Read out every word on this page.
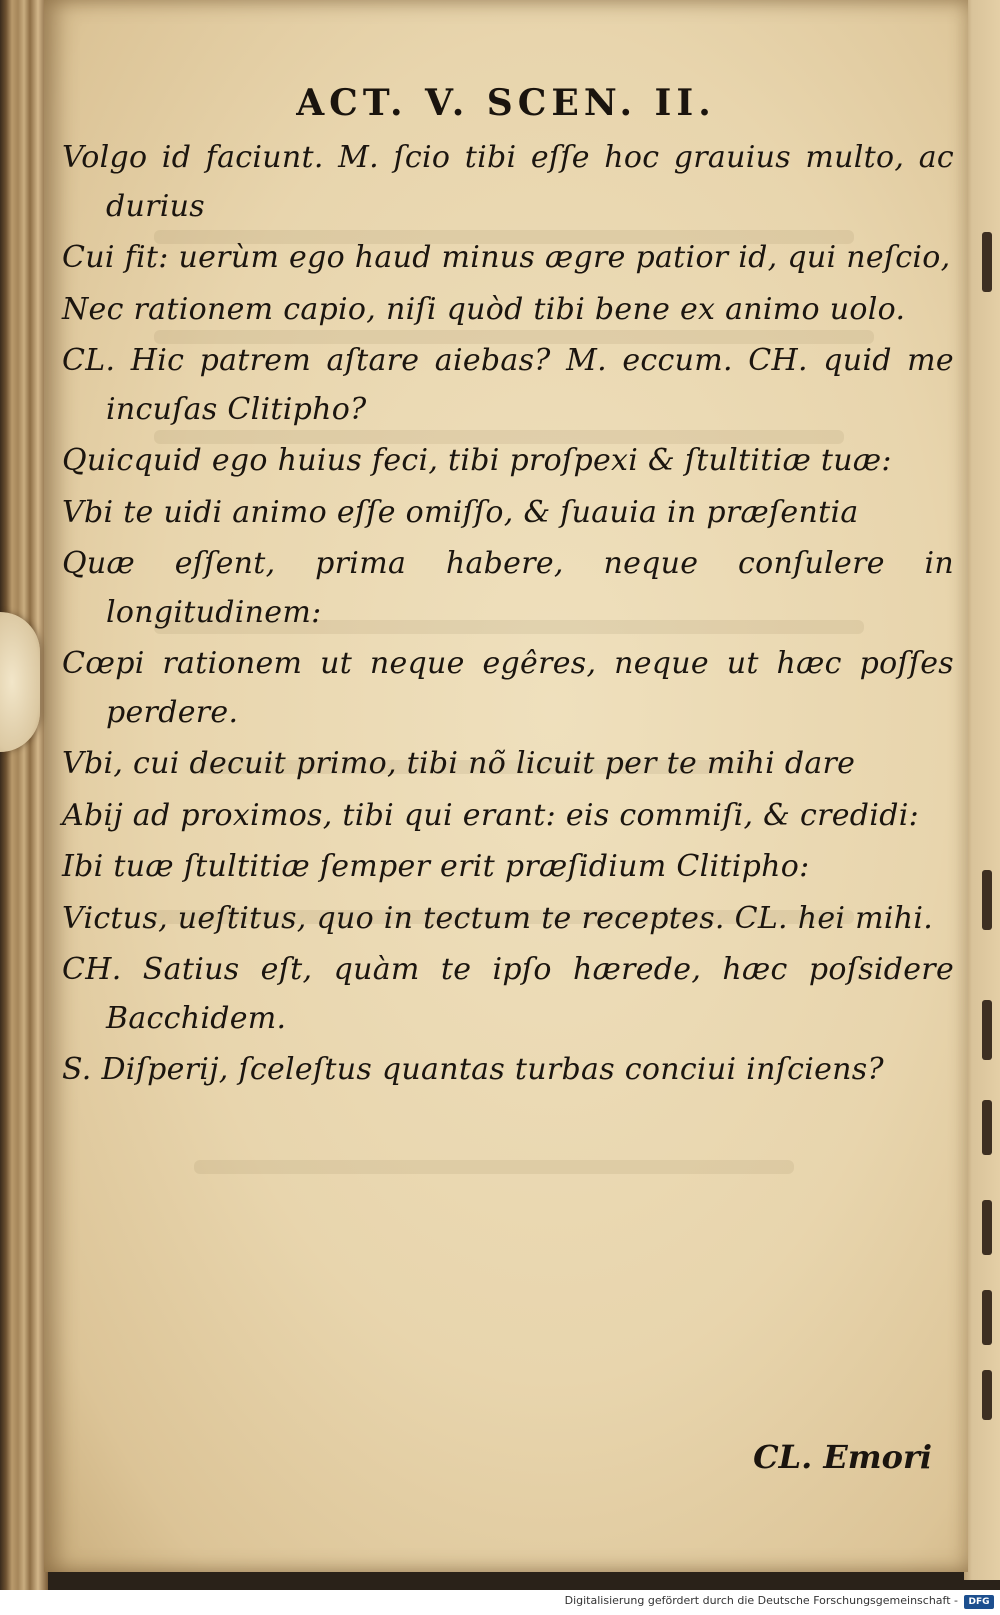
ACT. V. SCEN. II.
Volgo id faciunt. M. ſcio tibi eſſe hoc grauius multo, ac durius
Cui fit: uerùm ego haud minus ægre patior id, qui neſcio,
Nec rationem capio, niſi quòd tibi bene ex animo uolo.
CL. Hic patrem aſtare aiebas? M. eccum. CH. quid me incuſas Clitipho?
Quicquid ego huius feci, tibi proſpexi & ſtultitiæ tuæ:
Vbi te uidi animo eſſe omiſſo, & ſuauia in præſentia
Quæ eſſent, prima habere, neque conſulere in longitudinem:
Cœpi rationem ut neque egêres, neque ut hæc poſſes perdere.
Vbi, cui decuit primo, tibi nõ licuit per te mihi dare
Abij ad proximos, tibi qui erant: eis commiſi, & credidi:
Ibi tuæ ſtultitiæ ſemper erit præſidium Clitipho:
Victus, ueſtitus, quo in tectum te receptes. CL. hei mihi.
CH. Satius eſt, quàm te ipſo hærede, hæc poſsidere Bacchidem.
S. Diſperij, ſceleſtus quantas turbas conciui inſciens?

CL. Emori

Digitalisierung gefördert durch die Deutsche Forschungsgemeinschaft -	DFG
